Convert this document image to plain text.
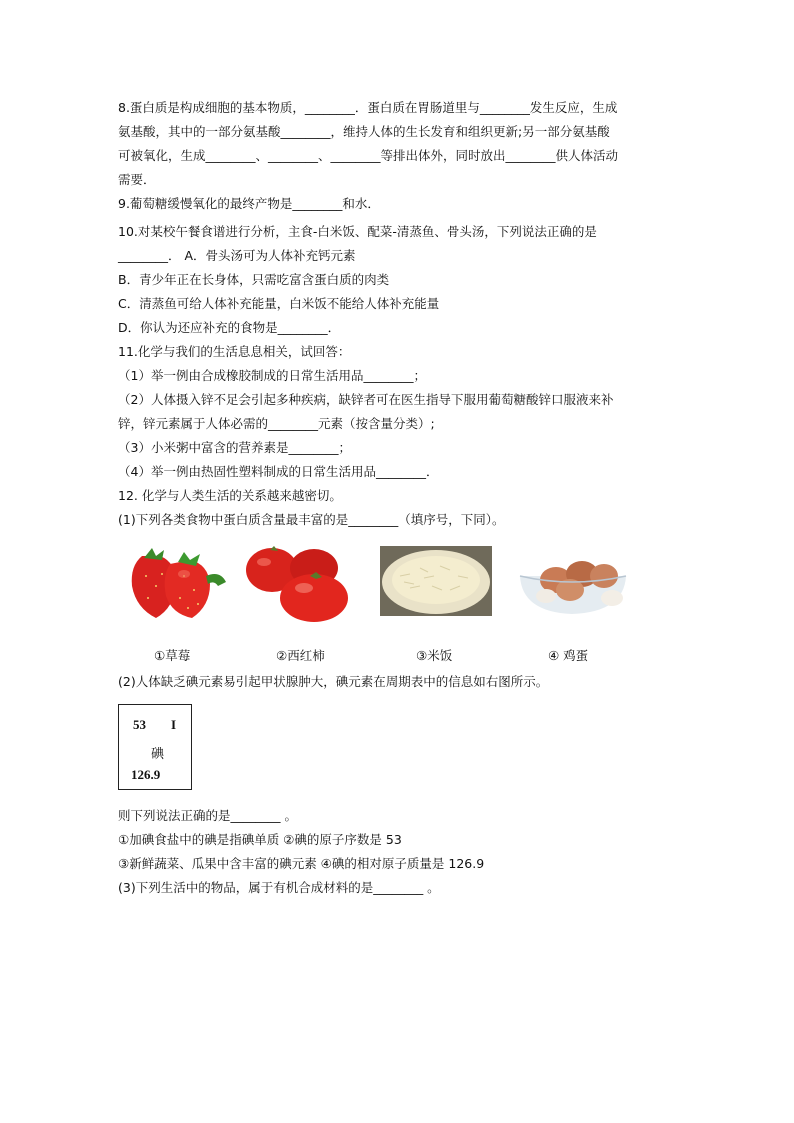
8.蛋白质是构成细胞的基本物质，________．蛋白质在胃肠道里与________发生反应，生成
氨基酸，其中的一部分氨基酸________，维持人体的生长发育和组织更新;另一部分氨基酸
可被氧化，生成________、________、________等排出体外，同时放出________供人体活动
需要．
9.葡萄糖缓慢氧化的最终产物是________和水．
10.对某校午餐食谱进行分析，主食-白米饭、配菜-清蒸鱼、骨头汤，下列说法正确的是
________． A．骨头汤可为人体补充钙元素
B．青少年正在长身体，只需吃富含蛋白质的肉类
C．清蒸鱼可给人体补充能量，白米饭不能给人体补充能量
D．你认为还应补充的食物是________．
11.化学与我们的生活息息相关，试回答：
（1）举一例由合成橡胶制成的日常生活用品________；
（2）人体摄入锌不足会引起多种疾病，缺锌者可在医生指导下服用葡萄糖酸锌口服液来补
锌，锌元素属于人体必需的________元素（按含量分类）;
（3）小米粥中富含的营养素是________；
（4）举一例由热固性塑料制成的日常生活用品________．
12. 化学与人类生活的关系越来越密切。
(1)下列各类食物中蛋白质含量最丰富的是________（填序号，下同）。
①草莓	②西红柿	③米饭	④ 鸡蛋
(2)人体缺乏碘元素易引起甲状腺肿大，碘元素在周期表中的信息如右图所示。
53 I
碘
126.9
则下列说法正确的是________ 。
①加碘食盐中的碘是指碘单质 ②碘的原子序数是 53
③新鲜蔬菜、瓜果中含丰富的碘元素 ④碘的相对原子质量是 126.9
(3)下列生活中的物品，属于有机合成材料的是________ 。
